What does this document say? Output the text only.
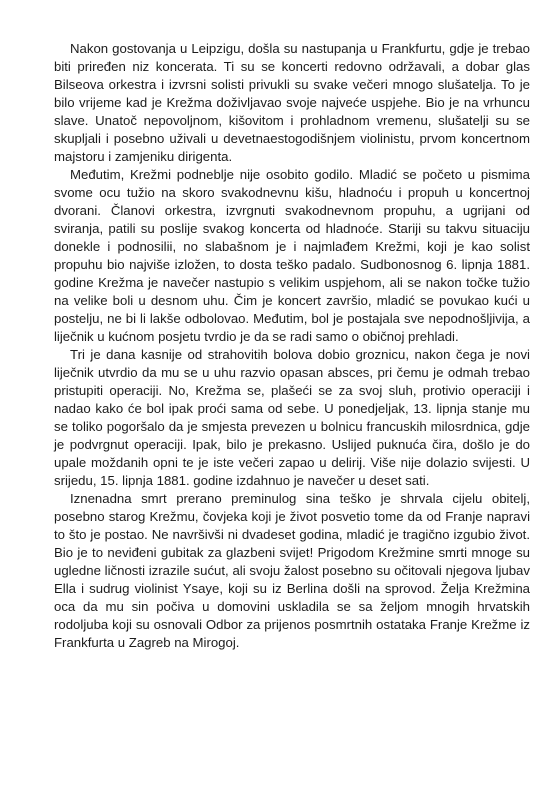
Nakon gostovanja u Leipzigu, došla su nastupanja u Frankfurtu, gdje je trebao biti priređen niz koncerata. Ti su se koncerti redovno održavali, a dobar glas Bilseova orkestra i izvrsni solisti privukli su svake večeri mnogo slušatelja. To je bilo vrijeme kad je Krežma doživljavao svoje najveće uspjehe. Bio je na vrhuncu slave. Unatoč nepovoljnom, kišovitom i prohladnom vremenu, slušatelji su se skupljali i posebno uživali u devetnaestogodišnjem violinistu, prvom koncertnom majstoru i zamjeniku dirigenta.

Međutim, Krežmi podneblje nije osobito godilo. Mladić se početo u pismima svome ocu tužio na skoro svakodnevnu kišu, hladnoću i propuh u koncertnoj dvorani. Članovi orkestra, izvrgnuti svakodnevnom propuhu, a ugrijani od sviranja, patili su poslije svakog koncerta od hladnoće. Stariji su takvu situaciju donekle i podnosilii, no slabašnom je i najmlađem Krežmi, koji je kao solist propuhu bio najviše izložen, to dosta teško padalo. Sudbonosnog 6. lipnja 1881. godine Krežma je navečer nastupio s velikim uspjehom, ali se nakon točke tužio na velike boli u desnom uhu. Čim je koncert završio, mladić se povukao kući u postelju, ne bi li lakše odbolovao. Međutim, bol je postajala sve nepodnošljivija, a liječnik u kućnom posjetu tvrdio je da se radi samo o običnoj prehladi.

Tri je dana kasnije od strahovitih bolova dobio groznicu, nakon čega je novi liječnik utvrdio da mu se u uhu razvio opasan absces, pri čemu je odmah trebao pristupiti operaciji. No, Krežma se, plašeći se za svoj sluh, protivio operaciji i nadao kako će bol ipak proći sama od sebe. U ponedjeljak, 13. lipnja stanje mu se toliko pogoršalo da je smjesta prevezen u bolnicu francuskih milosrdnica, gdje je podvrgnut operaciji. Ipak, bilo je prekasno. Uslijed puknuća čira, došlo je do upale moždanih opni te je iste večeri zapao u delirij. Više nije dolazio svijesti. U srijedu, 15. lipnja 1881. godine izdahnuo je navečer u deset sati.

Iznenadna smrt prerano preminulog sina teško je shrvala cijelu obitelj, posebno starog Krežmu, čovjeka koji je život posvetio tome da od Franje napravi to što je postao. Ne navršivši ni dvadeset godina, mladić je tragično izgubio život. Bio je to neviđeni gubitak za glazbeni svijet! Prigodom Krežmine smrti mnoge su ugledne ličnosti izrazile sućut, ali svoju žalost posebno su očitovali njegova ljubav Ella i sudrug violinist Ysaye, koji su iz Berlina došli na sprovod. Želja Krežmina oca da mu sin počiva u domovini uskladila se sa željom mnogih hrvatskih rodoljuba koji su osnovali Odbor za prijenos posmrtnih ostataka Franje Krežme iz Frankfurta u Zagreb na Mirogoj.
